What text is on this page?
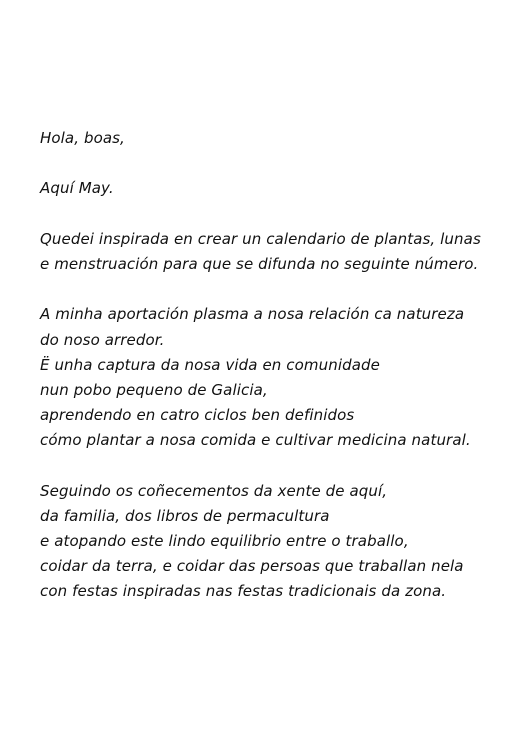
Hola, boas,
Aquí May.
Quedei inspirada en crear un calendario de plantas, lunas
e menstruación para que se difunda no seguinte número.
A minha aportación plasma a nosa relación ca natureza
do noso arredor.
Ë unha captura da nosa vida en comunidade
nun pobo pequeno de Galicia,
aprendendo en catro ciclos ben definidos
cómo plantar a nosa comida e cultivar medicina natural.
Seguindo os coñecementos da xente de aquí,
da familia, dos libros de permacultura
e atopando este lindo equilibrio entre o traballo,
coidar da terra, e coidar das persoas que traballan nela
con festas inspiradas nas festas tradicionais da zona.
